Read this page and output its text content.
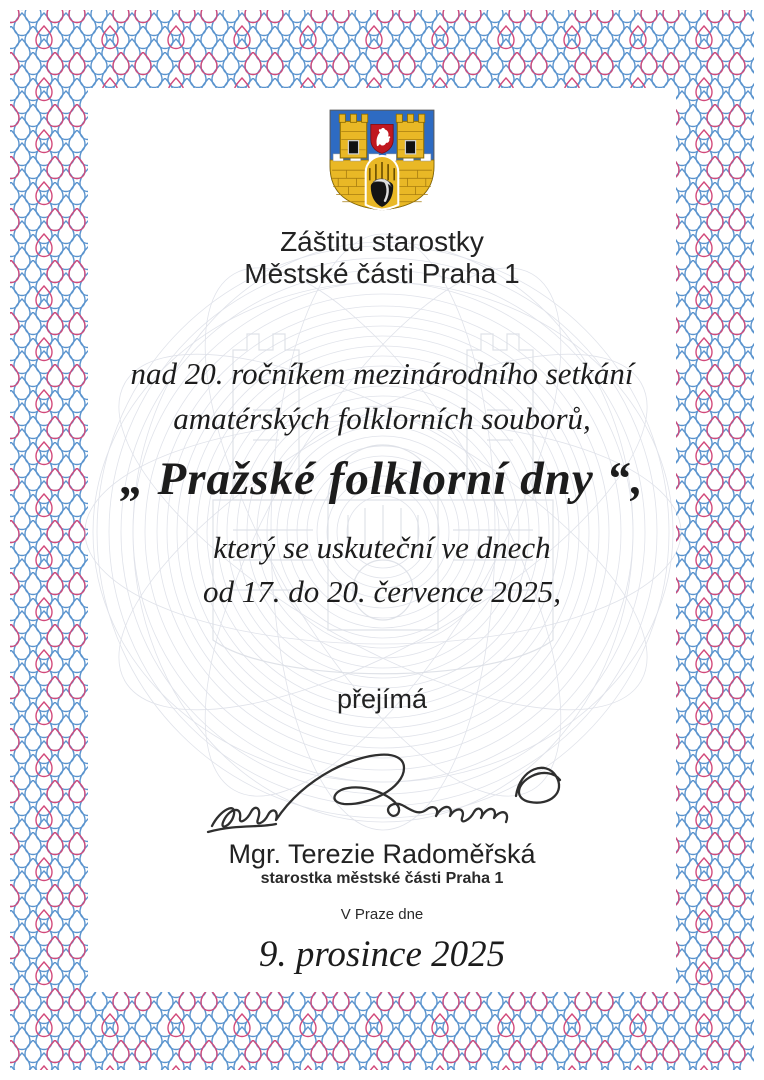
Záštitu starostky
Městské části Praha 1
nad 20. ročníkem mezinárodního setkání
amatérských folklorních souborů,
„ Pražské folklorní dny “,
který se uskuteční ve dnech
od 17. do 20. července 2025,
přejímá
Mgr. Terezie Radoměřská
starostka městské části Praha 1
V Praze dne
9. prosince 2025
